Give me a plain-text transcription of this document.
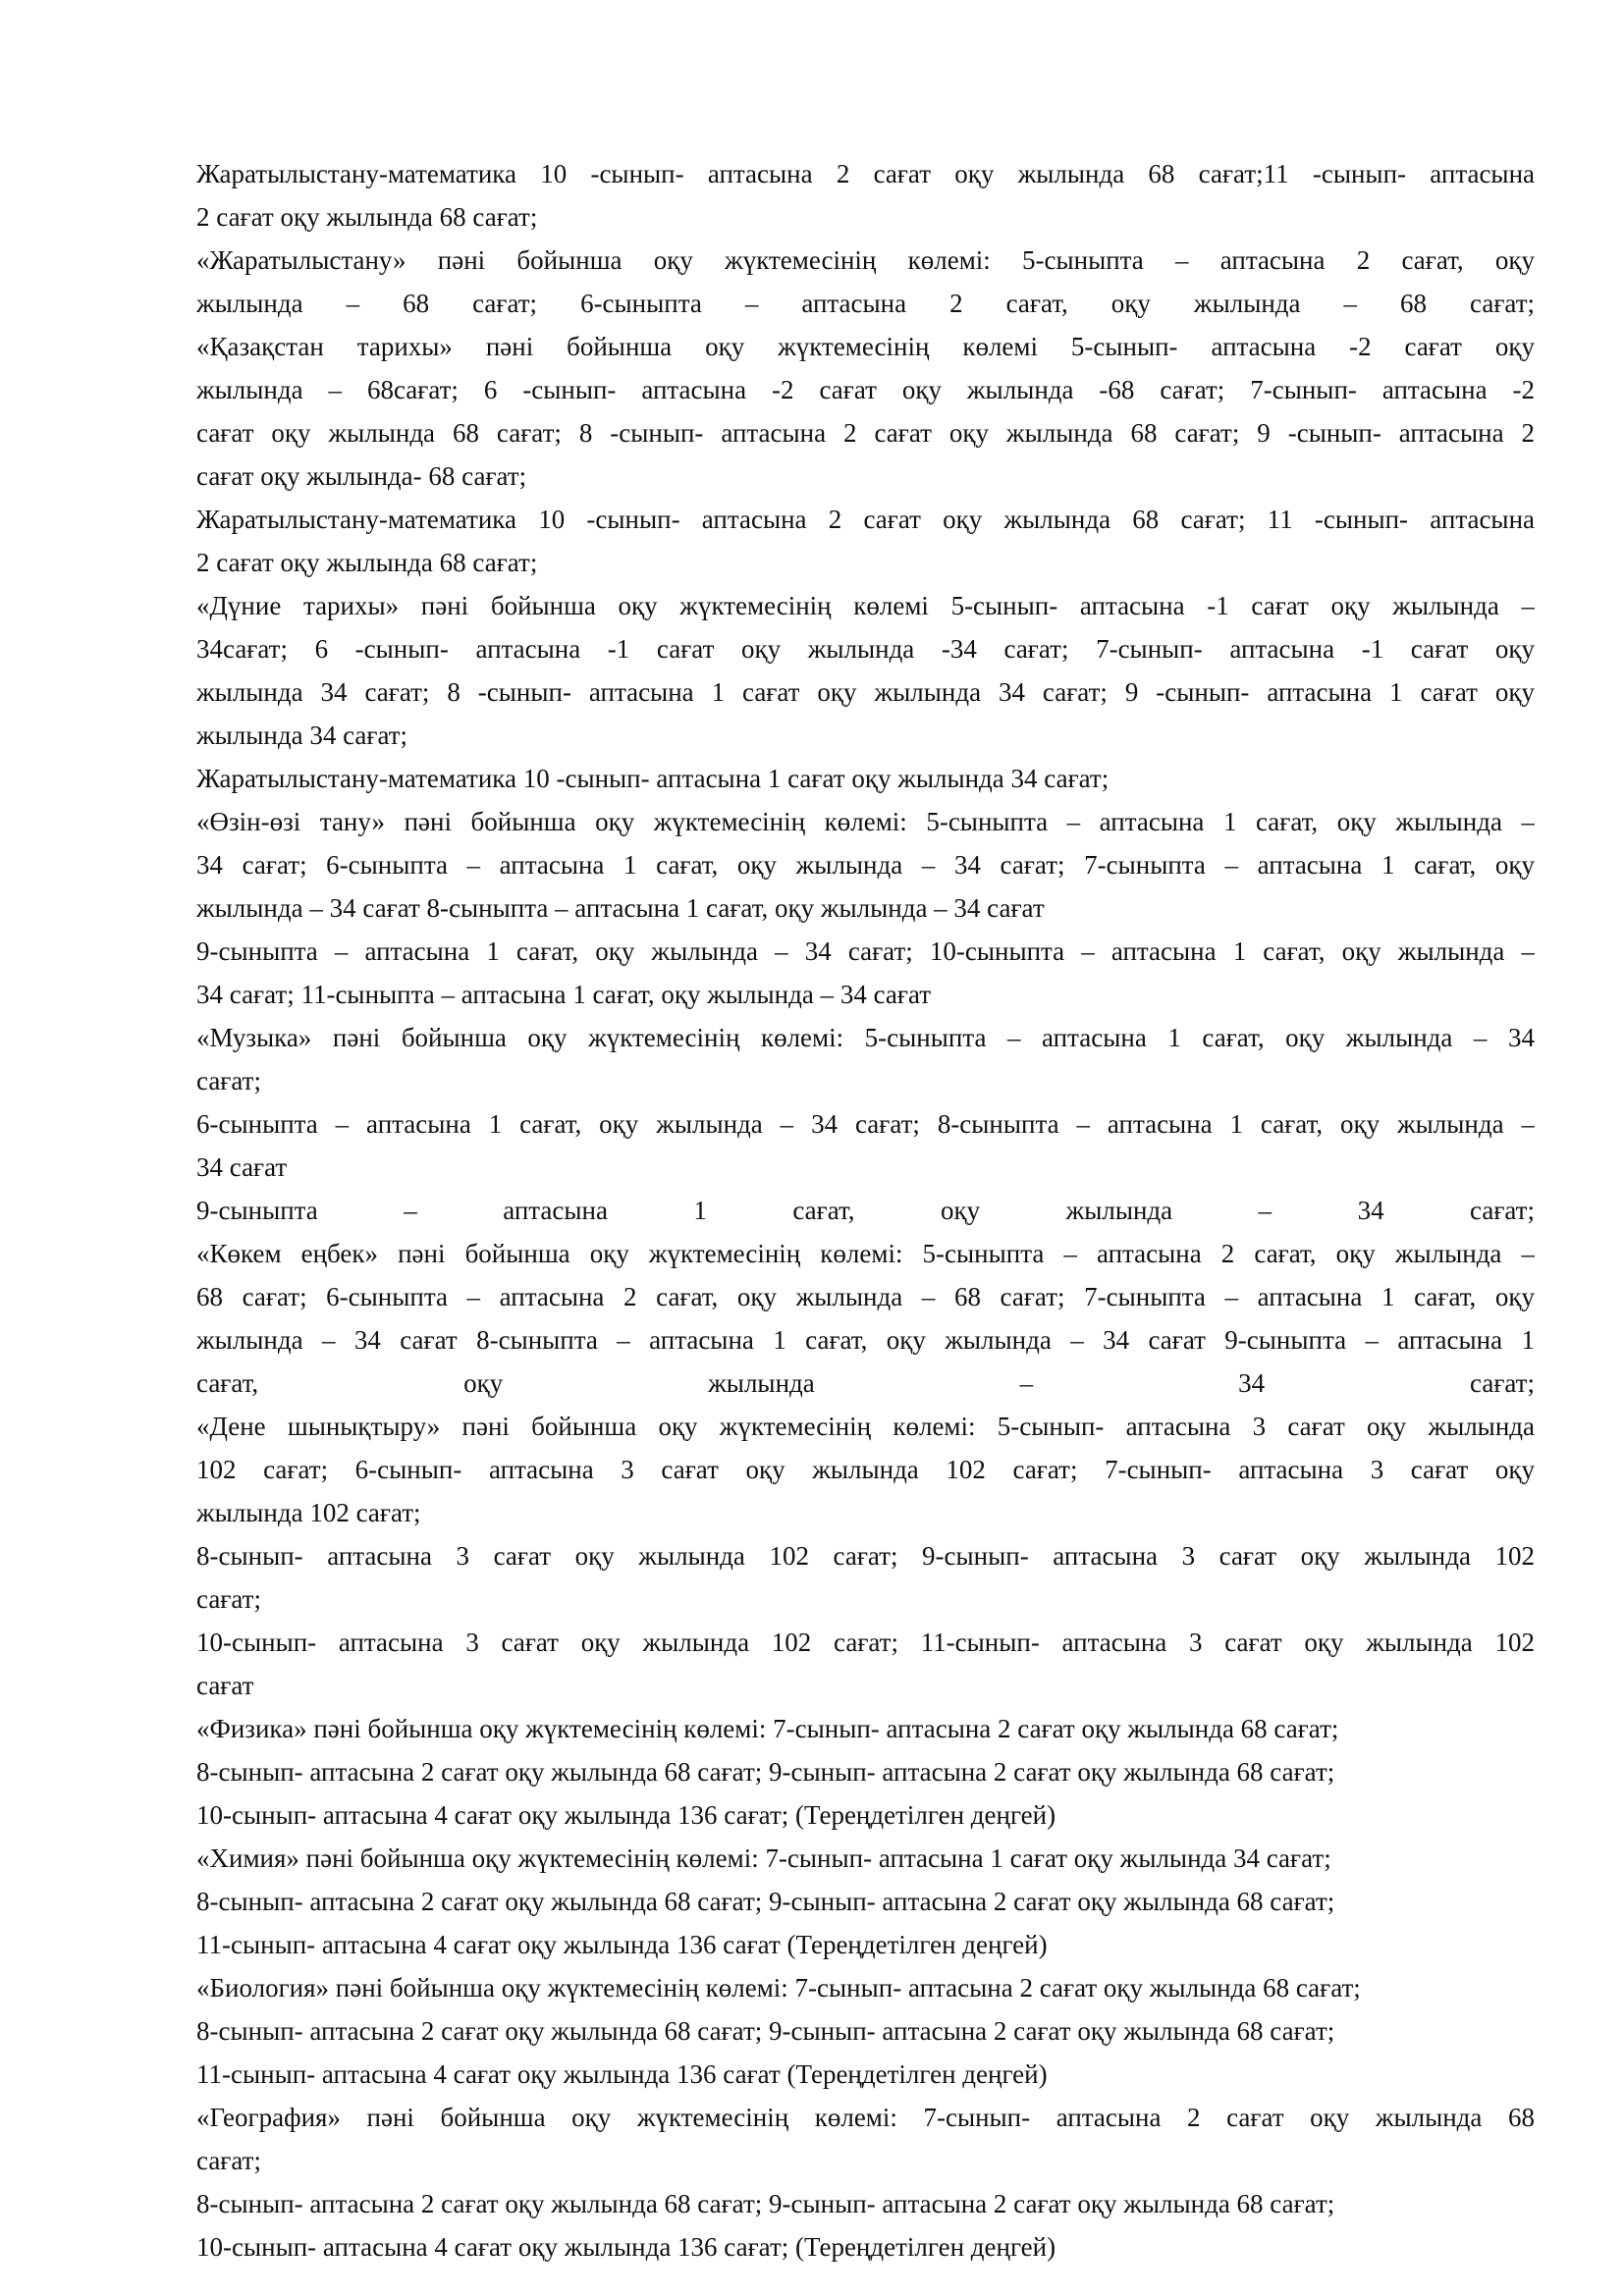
Жаратылыстану-математика 10 -сынып- аптасына 2 сағат оқу жылында 68 сағат;11 -сынып- аптасына
2 сағат оқу жылында 68 сағат;
«Жаратылыстану» пәні бойынша оқу жүктемесінің көлемі: 5-сыныпта – аптасына 2 сағат, оқу
жылында – 68 сағат; 6-сыныпта – аптасына 2 сағат, оқу жылында – 68 сағат;
«Қазақстан тарихы» пәні бойынша оқу жүктемесінің көлемі 5-сынып- аптасына -2 сағат оқу
жылында – 68сағат; 6 -сынып- аптасына -2 сағат оқу жылында -68 сағат; 7-сынып- аптасына -2
сағат оқу жылында 68 сағат; 8 -сынып- аптасына 2 сағат оқу жылында 68 сағат; 9 -сынып- аптасына 2
сағат оқу жылында- 68 сағат;
Жаратылыстану-математика 10 -сынып- аптасына 2 сағат оқу жылында 68 сағат; 11 -сынып- аптасына
2 сағат оқу жылында 68 сағат;
«Дүние тарихы» пәні бойынша оқу жүктемесінің көлемі 5-сынып- аптасына -1 сағат оқу жылында –
34сағат; 6 -сынып- аптасына -1 сағат оқу жылында -34 сағат; 7-сынып- аптасына -1 сағат оқу
жылында 34 сағат; 8 -сынып- аптасына 1 сағат оқу жылында 34 сағат; 9 -сынып- аптасына 1 сағат оқу
жылында 34 сағат;
Жаратылыстану-математика 10 -сынып- аптасына 1 сағат оқу жылында 34 сағат;
«Өзін-өзі тану» пәні бойынша оқу жүктемесінің көлемі: 5-сыныпта – аптасына 1 сағат, оқу жылында –
34 сағат; 6-сыныпта – аптасына 1 сағат, оқу жылында – 34 сағат; 7-сыныпта – аптасына 1 сағат, оқу
жылында – 34 сағат 8-сыныпта – аптасына 1 сағат, оқу жылында – 34 сағат
9-сыныпта – аптасына 1 сағат, оқу жылында – 34 сағат; 10-сыныпта – аптасына 1 сағат, оқу жылында –
34 сағат; 11-сыныпта – аптасына 1 сағат, оқу жылында – 34 сағат
«Музыка» пәні бойынша оқу жүктемесінің көлемі: 5-сыныпта – аптасына 1 сағат, оқу жылында – 34
сағат;
6-сыныпта – аптасына 1 сағат, оқу жылында – 34 сағат; 8-сыныпта – аптасына 1 сағат, оқу жылында –
34 сағат
9-сыныпта – аптасына 1 сағат, оқу жылында – 34 сағат;
«Көкем еңбек» пәні бойынша оқу жүктемесінің көлемі: 5-сыныпта – аптасына 2 сағат, оқу жылында –
68 сағат; 6-сыныпта – аптасына 2 сағат, оқу жылында – 68 сағат; 7-сыныпта – аптасына 1 сағат, оқу
жылында – 34 сағат 8-сыныпта – аптасына 1 сағат, оқу жылында – 34 сағат 9-сыныпта – аптасына 1
сағат, оқу жылында – 34 сағат;
«Дене шынықтыру» пәні бойынша оқу жүктемесінің көлемі: 5-сынып- аптасына 3 сағат оқу жылында
102 сағат; 6-сынып- аптасына 3 сағат оқу жылында 102 сағат; 7-сынып- аптасына 3 сағат оқу
жылында 102 сағат;
8-сынып- аптасына 3 сағат оқу жылында 102 сағат; 9-сынып- аптасына 3 сағат оқу жылында 102
сағат;
10-сынып- аптасына 3 сағат оқу жылында 102 сағат; 11-сынып- аптасына 3 сағат оқу жылында 102
сағат
«Физика» пәні бойынша оқу жүктемесінің көлемі: 7-сынып- аптасына 2 сағат оқу жылында 68 сағат;
8-сынып- аптасына 2 сағат оқу жылында 68 сағат; 9-сынып- аптасына 2 сағат оқу жылында 68 сағат;
10-сынып- аптасына 4 сағат оқу жылында 136 сағат; (Тереңдетілген деңгей)
«Химия» пәні бойынша оқу жүктемесінің көлемі: 7-сынып- аптасына 1 сағат оқу жылында 34 сағат;
8-сынып- аптасына 2 сағат оқу жылында 68 сағат; 9-сынып- аптасына 2 сағат оқу жылында 68 сағат;
11-сынып- аптасына 4 сағат оқу жылында 136 сағат (Тереңдетілген деңгей)
«Биология» пәні бойынша оқу жүктемесінің көлемі: 7-сынып- аптасына 2 сағат оқу жылында 68 сағат;
8-сынып- аптасына 2 сағат оқу жылында 68 сағат; 9-сынып- аптасына 2 сағат оқу жылында 68 сағат;
11-сынып- аптасына 4 сағат оқу жылында 136 сағат (Тереңдетілген деңгей)
«География» пәні бойынша оқу жүктемесінің көлемі: 7-сынып- аптасына 2 сағат оқу жылында 68
сағат;
8-сынып- аптасына 2 сағат оқу жылында 68 сағат; 9-сынып- аптасына 2 сағат оқу жылында 68 сағат;
10-сынып- аптасына 4 сағат оқу жылында 136 сағат; (Тереңдетілген деңгей)
